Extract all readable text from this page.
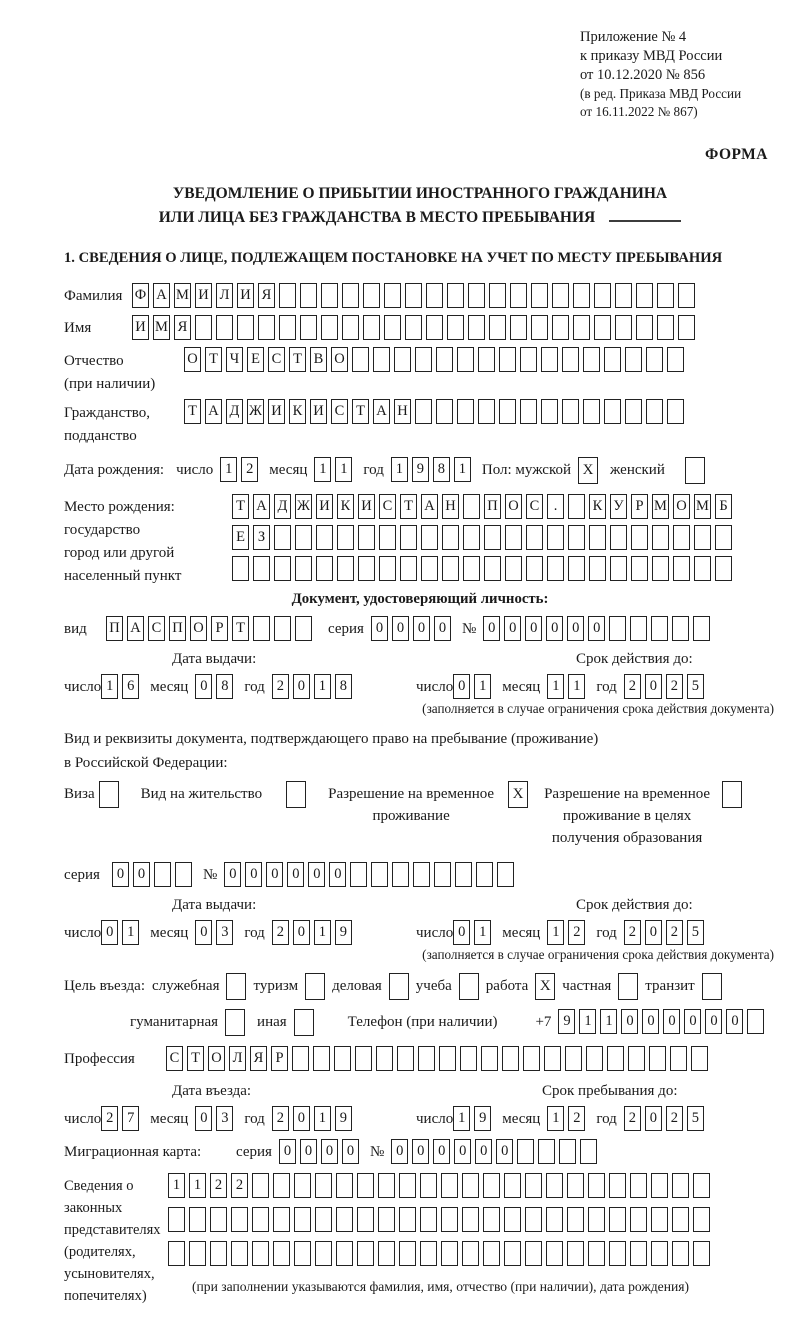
Приложение № 4
к приказу МВД России
от 10.12.2020 № 856
(в ред. Приказа МВД России
от 16.11.2022 № 867)
ФОРМА
УВЕДОМЛЕНИЕ О ПРИБЫТИИ ИНОСТРАННОГО ГРАЖДАНИНА
ИЛИ ЛИЦА БЕЗ ГРАЖДАНСТВА В МЕСТО ПРЕБЫВАНИЯ
1. СВЕДЕНИЯ О ЛИЦЕ, ПОДЛЕЖАЩЕМ ПОСТАНОВКЕ НА УЧЕТ ПО МЕСТУ ПРЕБЫВАНИЯ
Фамилия Ф А М И Л И Я
Имя	И М Я
Отчество
(при наличии)
О Т Ч Е С Т В О
Гражданство,
подданство
Т А Д Ж И К И С Т А Н
Дата рождения: число 1 2	месяц 1 1	год 1 9 8 1	Пол: мужской X	женский
Место рождения:
государство
город или другой
населенный пункт
Т А Д Ж И К И С Т А Н П О С .	К У Р М О М Б
Е З
Документ, удостоверяющий личность:
вид	П А С П О Р Т	серия 0 0 0 0	№ 0 0 0 0 0 0
Дата выдачи:	Срок действия до:
число 1 6	месяц 0 8	год 2 0 1 8	число 0 1	месяц 1 1	год 2 0 2 5
(заполняется в случае ограничения срока действия документа)
Вид и реквизиты документа, подтверждающего право на пребывание (проживание)
в Российской Федерации:
Виза	Вид на жительство	Разрешение на временное
проживание
X	Разрешение на временное
проживание в целях
получения образования
серия	0 0	№ 0 0 0 0 0 0
Дата выдачи:	Срок действия до:
число 0 1	месяц 0 3	год 2 0 1 9	число 0 1	месяц 1 2	год 2 0 2 5
(заполняется в случае ограничения срока действия документа)
Цель въезда: служебная туризм деловая учеба работа X частная транзит
гуманитарная	иная	Телефон (при наличии)	+7 9 1 1 0 0 0 0 0 0
Профессия	С Т О Л Я Р
Дата въезда:	Срок пребывания до:
число 2 7	месяц 0 3	год 2 0 1 9	число 1 9	месяц 1 2	год 2 0 2 5
Миграционная карта:	серия 0 0 0 0	№ 0 0 0 0 0 0
Сведения о
законных
представителях
(родителях,
усыновителях,
попечителях)
1 1 2 2
(при заполнении указываются фамилия, имя, отчество (при наличии), дата рождения)
